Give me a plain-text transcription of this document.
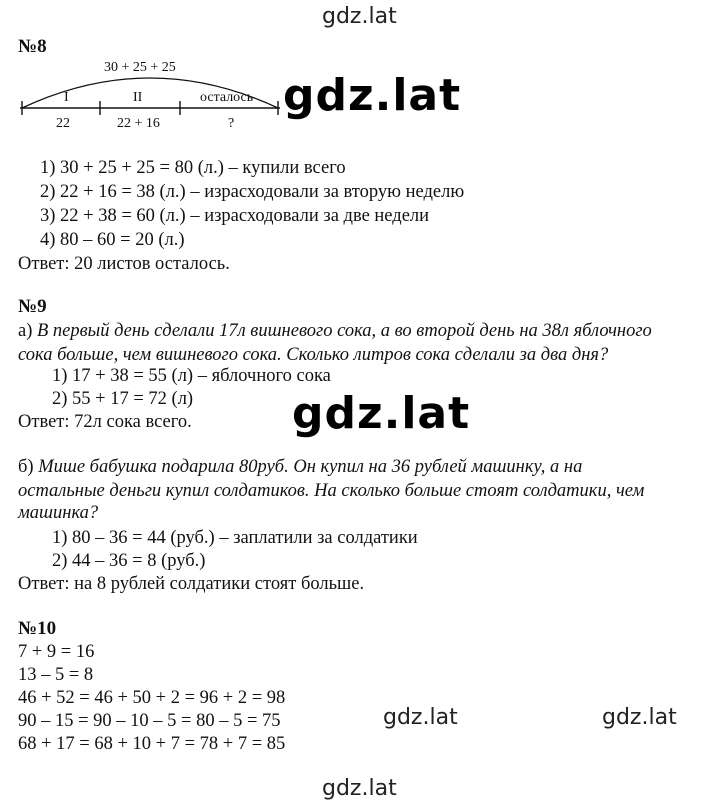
gdz.lat
gdz.lat
gdz.lat
gdz.lat	gdz.lat
gdz.lat
№8
30 + 25 + 25
I	II	осталось
22	22 + 16	?
1) 30 + 25 + 25 = 80 (л.) – купили всего
2) 22 + 16 = 38 (л.) – израсходовали за вторую неделю
3) 22 + 38 = 60 (л.) – израсходовали за две недели
4) 80 – 60 = 20 (л.)
Ответ: 20 листов осталось.
№9
а) В первый день сделали 17л вишневого сока, а во второй день на 38л яблочного
сока больше, чем вишневого сока. Сколько литров сока сделали за два дня?
1) 17 + 38 = 55 (л) – яблочного сока
2) 55 + 17 = 72 (л)
Ответ: 72л сока всего.
б) Мише бабушка подарила 80руб. Он купил на 36 рублей машинку, а на
остальные деньги купил солдатиков. На сколько больше стоят солдатики, чем
машинка?
1) 80 – 36 = 44 (руб.) – заплатили за солдатики
2) 44 – 36 = 8 (руб.)
Ответ: на 8 рублей солдатики стоят больше.
№10
7 + 9 = 16
13 – 5 = 8
46 + 52 = 46 + 50 + 2 = 96 + 2 = 98
90 – 15 = 90 – 10 – 5 = 80 – 5 = 75
68 + 17 = 68 + 10 + 7 = 78 + 7 = 85
